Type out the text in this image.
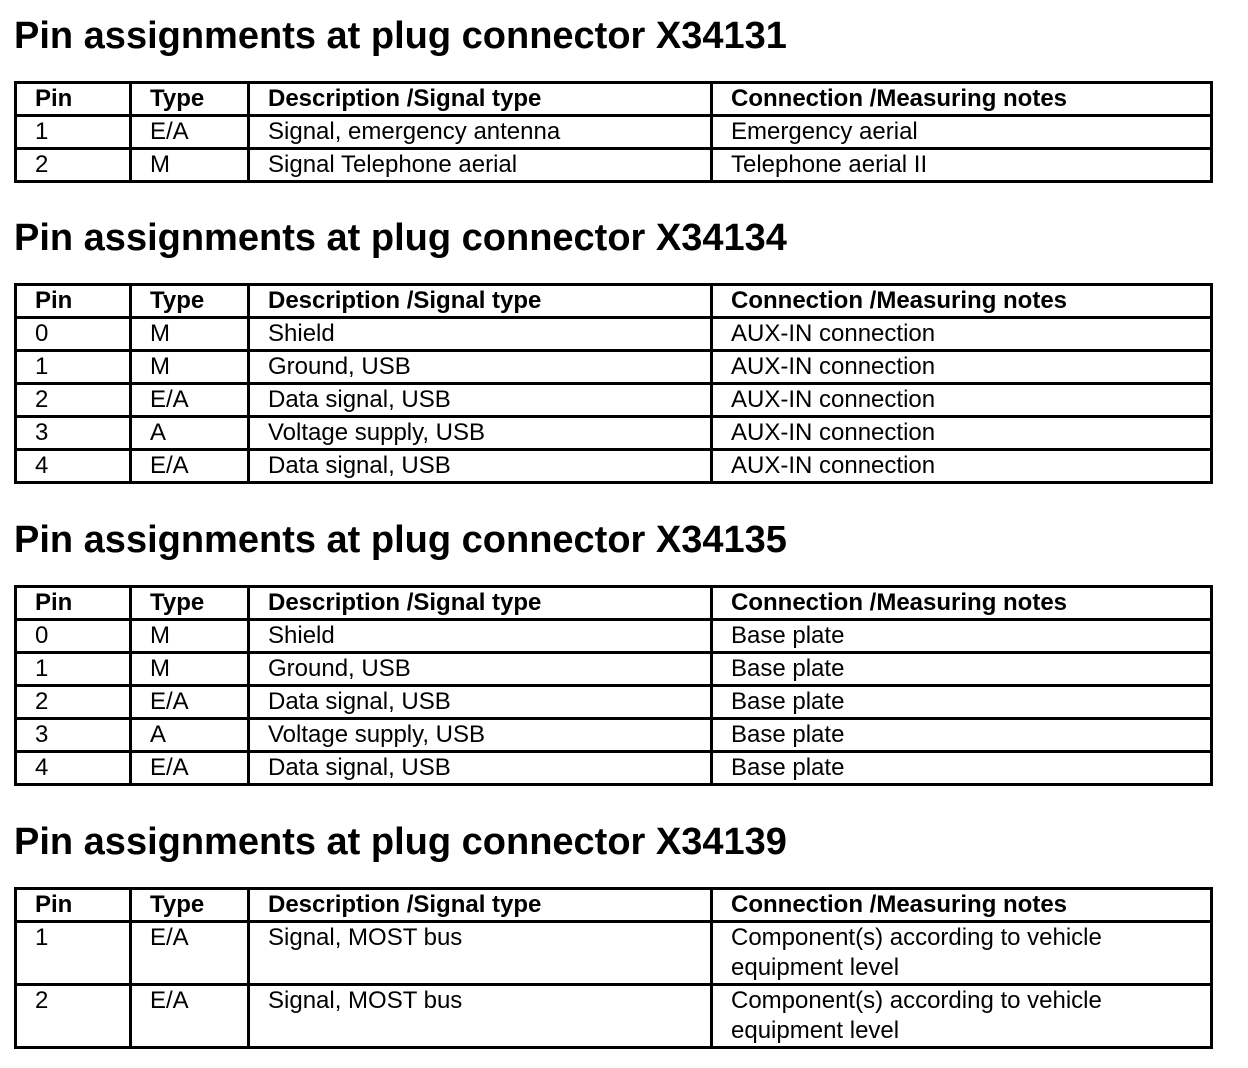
Pin assignments at plug connector X34131
Pin	Type	Description /Signal type	Connection /Measuring notes
1	E/A	Signal, emergency antenna	Emergency aerial
2	M	Signal Telephone aerial	Telephone aerial II
Pin assignments at plug connector X34134
Pin	Type	Description /Signal type	Connection /Measuring notes
0	M	Shield	AUX-IN connection
1	M	Ground, USB	AUX-IN connection
2	E/A	Data signal, USB	AUX-IN connection
3	A	Voltage supply, USB	AUX-IN connection
4	E/A	Data signal, USB	AUX-IN connection
Pin assignments at plug connector X34135
Pin	Type	Description /Signal type	Connection /Measuring notes
0	M	Shield	Base plate
1	M	Ground, USB	Base plate
2	E/A	Data signal, USB	Base plate
3	A	Voltage supply, USB	Base plate
4	E/A	Data signal, USB	Base plate
Pin assignments at plug connector X34139
Pin	Type	Description /Signal type	Connection /Measuring notes
1	E/A	Signal, MOST bus	Component(s) according to vehicle equipment level
2	E/A	Signal, MOST bus	Component(s) according to vehicle equipment level
